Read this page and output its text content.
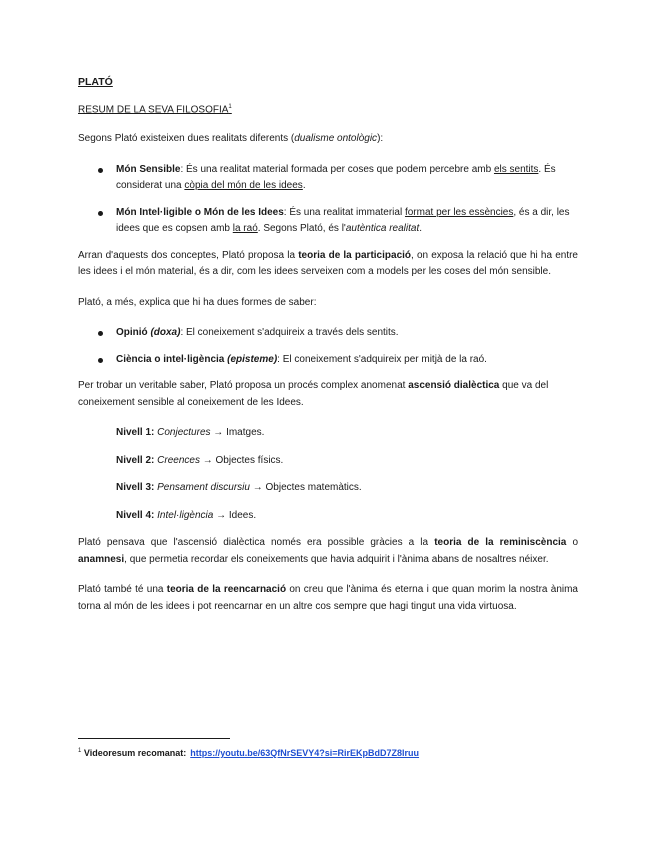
PLATÓ
RESUM DE LA SEVA FILOSOFIA$^1$

Segons Plató existeixen dues realitats diferents (dualisme ontològic):

Món Sensible: És una realitat material formada per coses que podem percebre amb els sentits. És considerat una còpia del món de les idees.
Món Intel·ligible o Món de les Idees: És una realitat immaterial format per les essències, és a dir, les idees que es copsen amb la raó. Segons Plató, és l'autèntica realitat.

Arran d'aquests dos conceptes, Plató proposa la teoria de la participació, on exposa la relació que hi ha entre les idees i el món material, és a dir, com les idees serveixen com a models per les coses del món sensible.

Plató, a més, explica que hi ha dues formes de saber:

Opinió (doxa): El coneixement s'adquireix a través dels sentits.
Ciència o intel·ligència (episteme): El coneixement s'adquireix per mitjà de la raó.

Per trobar un veritable saber, Plató proposa un procés complex anomenat ascensió dialèctica que va del coneixement sensible al coneixement de les Idees.

Nivell 1: Conjectures → Imatges.
Nivell 2: Creences → Objectes físics.
Nivell 3: Pensament discursiu → Objectes matemàtics.
Nivell 4: Intel·ligència → Idees.

Plató pensava que l'ascensió dialèctica només era possible gràcies a la teoria de la reminiscència o anamnesi, que permetia recordar els coneixements que havia adquirit i l'ànima abans de nosaltres néixer.

Plató també té una teoria de la reencarnació on creu que l'ànima és eterna i que quan morim la nostra ànima torna al món de les idees i pot reencarnar en un altre cos sempre que hagi tingut una vida virtuosa.

$^1$ Videoresum recomanat: https://youtu.be/63QfNrSEVY4?si=RirEKpBdD7Z8lruu
